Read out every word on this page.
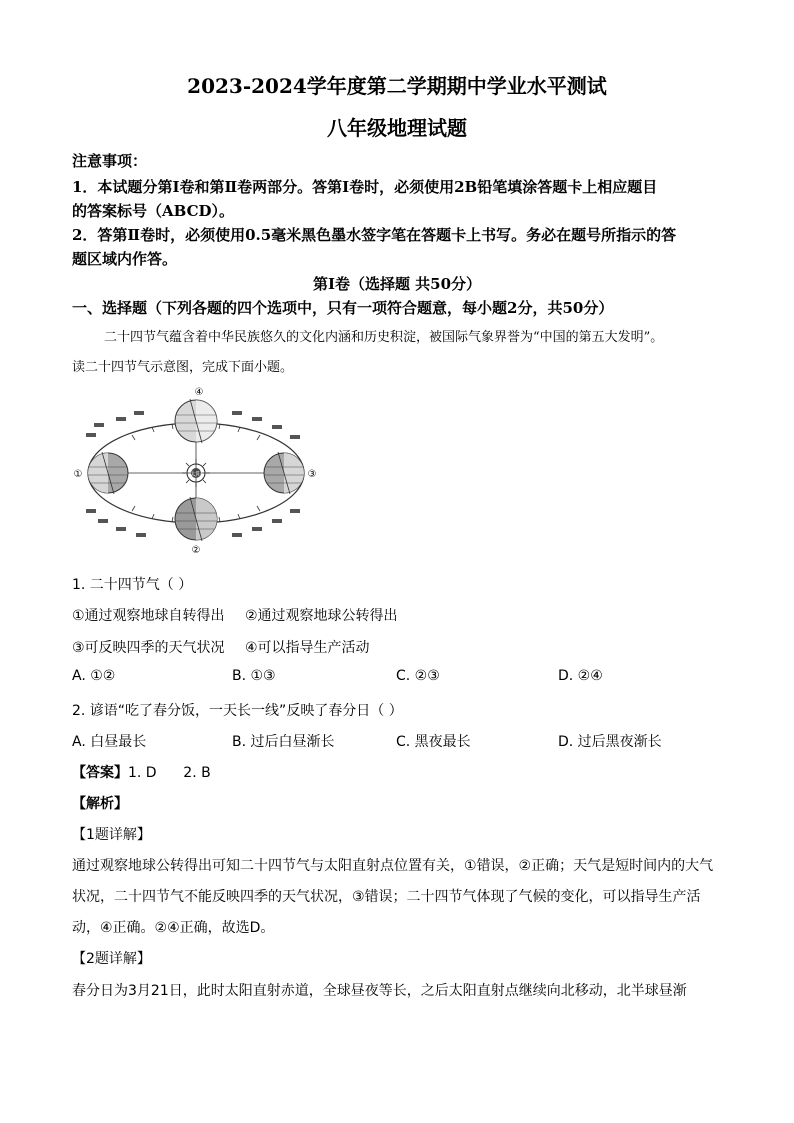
2023-2024学年度第二学期期中学业水平测试
八年级地理试题
注意事项：
1．本试题分第Ⅰ卷和第Ⅱ卷两部分。答第Ⅰ卷时，必须使用2B铅笔填涂答题卡上相应题目
的答案标号（ABCD）。
2．答第Ⅱ卷时，必须使用0.5毫米黑色墨水签字笔在答题卡上书写。务必在题号所指示的答
题区域内作答。
第Ⅰ卷（选择题 共50分）
一、选择题（下列各题的四个选项中，只有一项符合题意，每小题2分，共50分）
二十四节气蕴含着中华民族悠久的文化内涵和历史积淀，被国际气象界誉为“中国的第五大发明”。
读二十四节气示意图，完成下面小题。
④
②
①	③
太阳
1. 二十四节气（ ）
①通过观察地球自转得出 ②通过观察地球公转得出
③可反映四季的天气状况 ④可以指导生产活动
A. ①②	B. ①③	C. ②③	D. ②④
2. 谚语“吃了春分饭，一天长一线”反映了春分日（ ）
A. 白昼最长	B. 过后白昼渐长	C. 黑夜最长	D. 过后黑夜渐长
【答案】1. D      2. B
【解析】
【1题详解】
通过观察地球公转得出可知二十四节气与太阳直射点位置有关，①错误，②正确；天气是短时间内的大气
状况，二十四节气不能反映四季的天气状况，③错误；二十四节气体现了气候的变化，可以指导生产活
动，④正确。②④正确，故选D。
【2题详解】
春分日为3月21日，此时太阳直射赤道，全球昼夜等长，之后太阳直射点继续向北移动，北半球昼渐
